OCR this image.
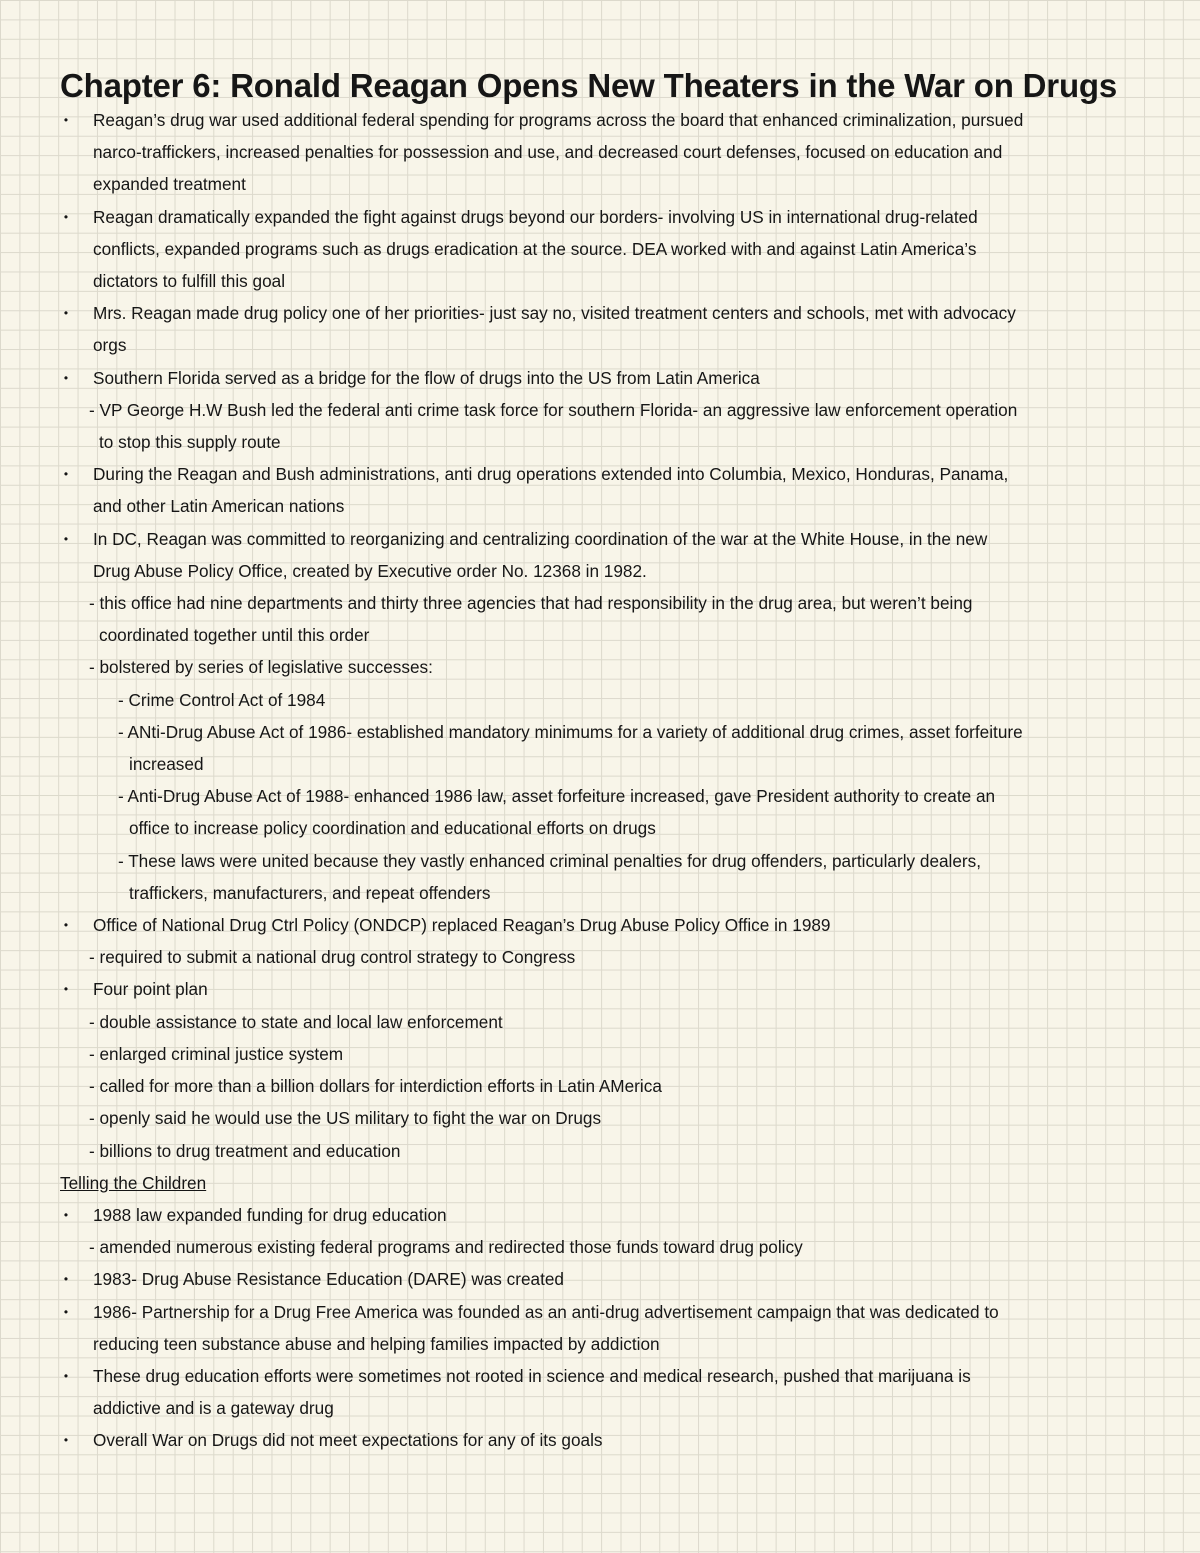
Chapter 6: Ronald Reagan Opens New Theaters in the War on Drugs
•	Reagan’s drug war used additional federal spending for programs across the board that enhanced criminalization, pursued
narco-traffickers, increased penalties for possession and use, and decreased court defenses, focused on education and
expanded treatment
•	Reagan dramatically expanded the fight against drugs beyond our borders- involving US in international drug-related
conflicts, expanded programs such as drugs eradication at the source. DEA worked with and against Latin America’s
dictators to fulfill this goal
•	Mrs. Reagan made drug policy one of her priorities- just say no, visited treatment centers and schools, met with advocacy
orgs
•	Southern Florida served as a bridge for the flow of drugs into the US from Latin America
- VP George H.W Bush led the federal anti crime task force for southern Florida- an aggressive law enforcement operation
to stop this supply route
•	During the Reagan and Bush administrations, anti drug operations extended into Columbia, Mexico, Honduras, Panama,
and other Latin American nations
•	In DC, Reagan was committed to reorganizing and centralizing coordination of the war at the White House, in the new
Drug Abuse Policy Office, created by Executive order No. 12368 in 1982.
- this office had nine departments and thirty three agencies that had responsibility in the drug area, but weren’t being
coordinated together until this order
- bolstered by series of legislative successes:
- Crime Control Act of 1984
- ANti-Drug Abuse Act of 1986- established mandatory minimums for a variety of additional drug crimes, asset forfeiture
increased
- Anti-Drug Abuse Act of 1988- enhanced 1986 law, asset forfeiture increased, gave President authority to create an
office to increase policy coordination and educational efforts on drugs
- These laws were united because they vastly enhanced criminal penalties for drug offenders, particularly dealers,
traffickers, manufacturers, and repeat offenders
•	Office of National Drug Ctrl Policy (ONDCP) replaced Reagan’s Drug Abuse Policy Office in 1989
- required to submit a national drug control strategy to Congress
•	Four point plan
- double assistance to state and local law enforcement
- enlarged criminal justice system
- called for more than a billion dollars for interdiction efforts in Latin AMerica
- openly said he would use the US military to fight the war on Drugs
- billions to drug treatment and education
Telling the Children
•	1988 law expanded funding for drug education
- amended numerous existing federal programs and redirected those funds toward drug policy
•	1983- Drug Abuse Resistance Education (DARE) was created
•	1986- Partnership for a Drug Free America was founded as an anti-drug advertisement campaign that was dedicated to
reducing teen substance abuse and helping families impacted by addiction
•	These drug education efforts were sometimes not rooted in science and medical research, pushed that marijuana is
addictive and is a gateway drug
•	Overall War on Drugs did not meet expectations for any of its goals
